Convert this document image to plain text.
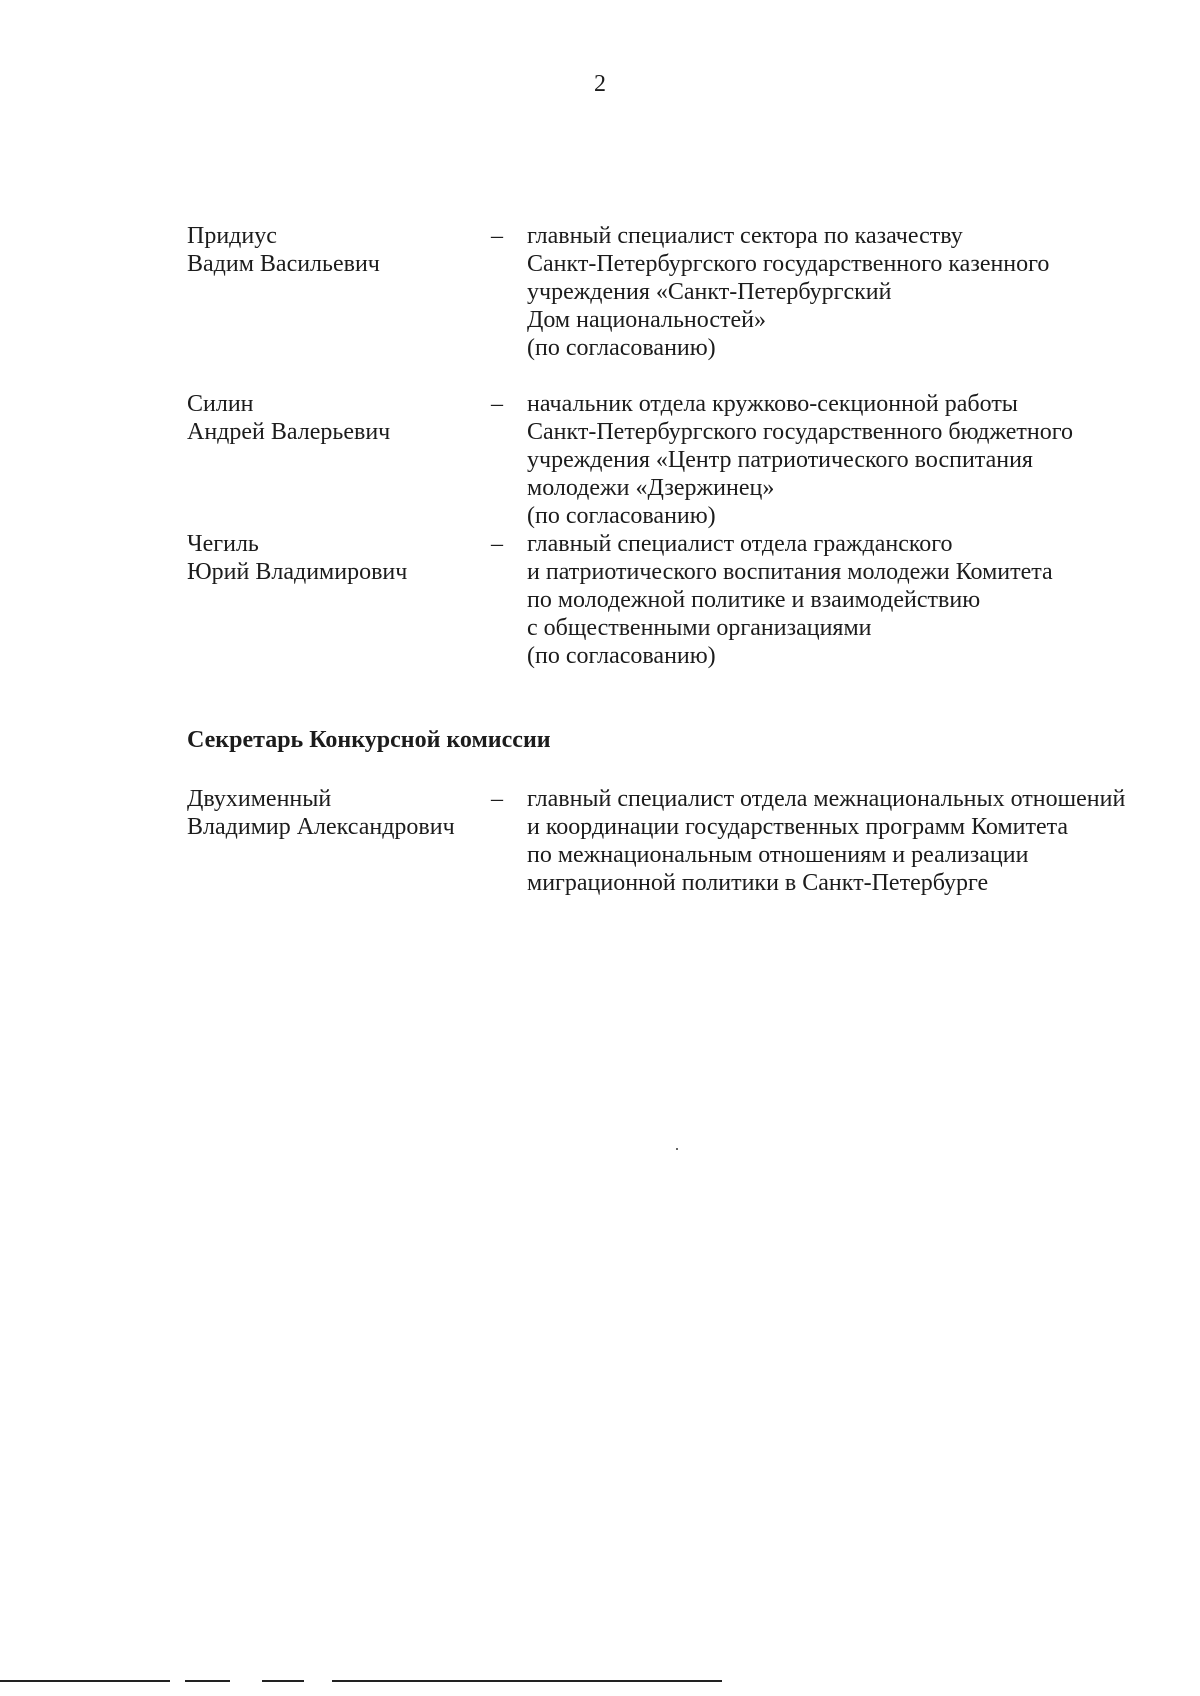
2
Придиус
Вадим Васильевич
–	главный специалист сектора по казачеству
Санкт-Петербургского государственного казенного
учреждения «Санкт-Петербургский
Дом национальностей»
(по согласованию)
Силин
Андрей Валерьевич
–	начальник отдела кружково-секционной работы
Санкт-Петербургского государственного бюджетного
учреждения «Центр патриотического воспитания
молодежи «Дзержинец»
(по согласованию)
Чегиль
Юрий Владимирович
–	главный специалист отдела гражданского
и патриотического воспитания молодежи Комитета
по молодежной политике и взаимодействию
с общественными организациями
(по согласованию)
Секретарь Конкурсной комиссии
Двухименный
Владимир Александрович
–	главный специалист отдела межнациональных отношений
и координации государственных программ Комитета
по межнациональным отношениям и реализации
миграционной политики в Санкт-Петербурге
